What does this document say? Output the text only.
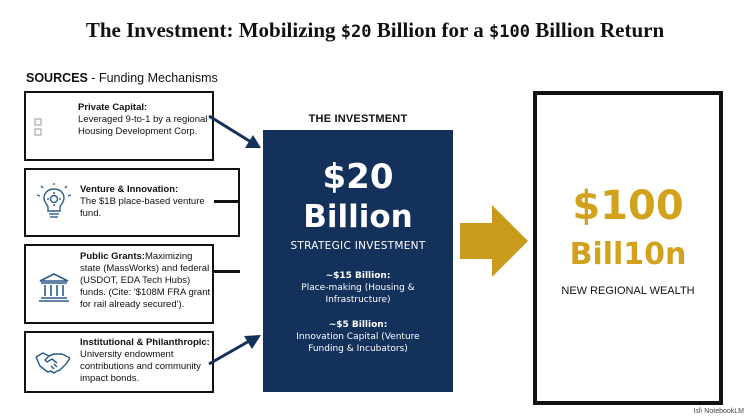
The Investment: Mobilizing $20 Billion for a $100 Billion Return
SOURCES - Funding Mechanisms
Private Capital:
Leveraged 9-to-1 by a regional Housing Development Corp.
Venture & Innovation:
The $1B place-based venture fund.
Public Grants:Maximizing state (MassWorks) and federal (USDOT, EDA Tech Hubs) funds. (Cite: '$108M FRA grant for rail already secured').
Institutional & Philanthropic:
University endowment contributions and community impact bonds.
THE INVESTMENT
$20
Billion
STRATEGIC INVESTMENT
~$15 Billion:
Place-making (Housing & Infrastructure)
~$5 Billion:
Innovation Capital (Venture Funding & Incubators)
$100
Bill10n
NEW REGIONAL WEALTH
Isl\ NotebookLM
